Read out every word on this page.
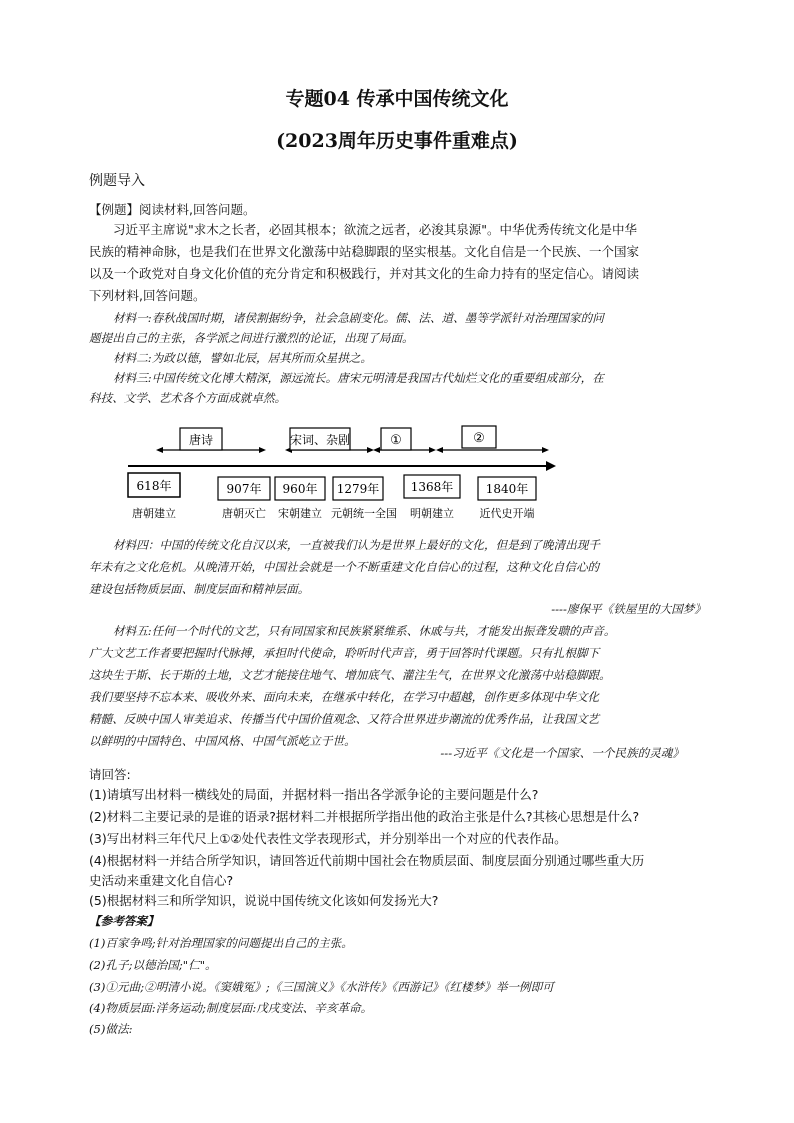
专题04 传承中国传统文化
(2023周年历史事件重难点)
例题导入
【例题】阅读材料,回答问题。
习近平主席说"求木之长者，必固其根本；欲流之远者，必浚其泉源"。中华优秀传统文化是中华
民族的精神命脉，也是我们在世界文化激荡中站稳脚跟的坚实根基。文化自信是一个民族、一个国家
以及一个政党对自身文化价值的充分肯定和积极践行，并对其文化的生命力持有的坚定信心。请阅读
下列材料,回答问题。
材料一:春秋战国时期，诸侯割据纷争，社会急剧变化。儒、法、道、墨等学派针对治理国家的问
题提出自己的主张，各学派之间进行激烈的论证，出现了局面。
材料二:为政以德，譬如北辰，居其所而众星拱之。
材料三:中国传统文化博大精深，源远流长。唐宋元明清是我国古代灿烂文化的重要组成部分，在
科技、文学、艺术各个方面成就卓然。
唐诗	宋词、杂剧	①	②
618年	907年 960年 1279年	1368年	1840年
唐朝建立	唐朝灭亡 宋朝建立 元朝统一全国 明朝建立 近代史开端
材料四：中国的传统文化自汉以来，一直被我们认为是世界上最好的文化，但是到了晚清出现千
年未有之文化危机。从晚清开始，中国社会就是一个不断重建文化自信心的过程，这种文化自信心的
建设包括物质层面、制度层面和精神层面。
----廖保平《铁屋里的大国梦》
材料五:任何一个时代的文艺，只有同国家和民族紧紧维系、休戚与共，才能发出振聋发聩的声音。
广大文艺工作者要把握时代脉搏，承担时代使命，聆听时代声音，勇于回答时代课题。只有扎根脚下
这块生于斯、长于斯的土地，文艺才能接住地气、增加底气、灌注生气，在世界文化激荡中站稳脚跟。
我们要坚持不忘本来、吸收外来、面向未来，在继承中转化，在学习中超越，创作更多体现中华文化
精髓、反映中国人审美追求、传播当代中国价值观念、又符合世界进步潮流的优秀作品，让我国文艺
以鲜明的中国特色、中国风格、中国气派屹立于世。
---习近平《文化是一个国家、一个民族的灵魂》
请回答:
(1)请填写出材料一横线处的局面，并据材料一指出各学派争论的主要问题是什么?
(2)材料二主要记录的是谁的语录?据材料二并根据所学指出他的政治主张是什么?其核心思想是什么?
(3)写出材料三年代尺上①②处代表性文学表现形式，并分别举出一个对应的代表作品。
(4)根据材料一并结合所学知识，请回答近代前期中国社会在物质层面、制度层面分别通过哪些重大历
史活动来重建文化自信心?
(5)根据材料三和所学知识，说说中国传统文化该如何发扬光大?
【参考答案】
(1)百家争鸣;针对治理国家的问题提出自己的主张。
(2)孔子;以德治国;"仁"。
(3)①元曲;②明清小说。《窦娥冤》;《三国演义》《水浒传》《西游记》《红楼梦》举一例即可
(4)物质层面:洋务运动;制度层面:戊戌变法、辛亥革命。
(5)做法:
